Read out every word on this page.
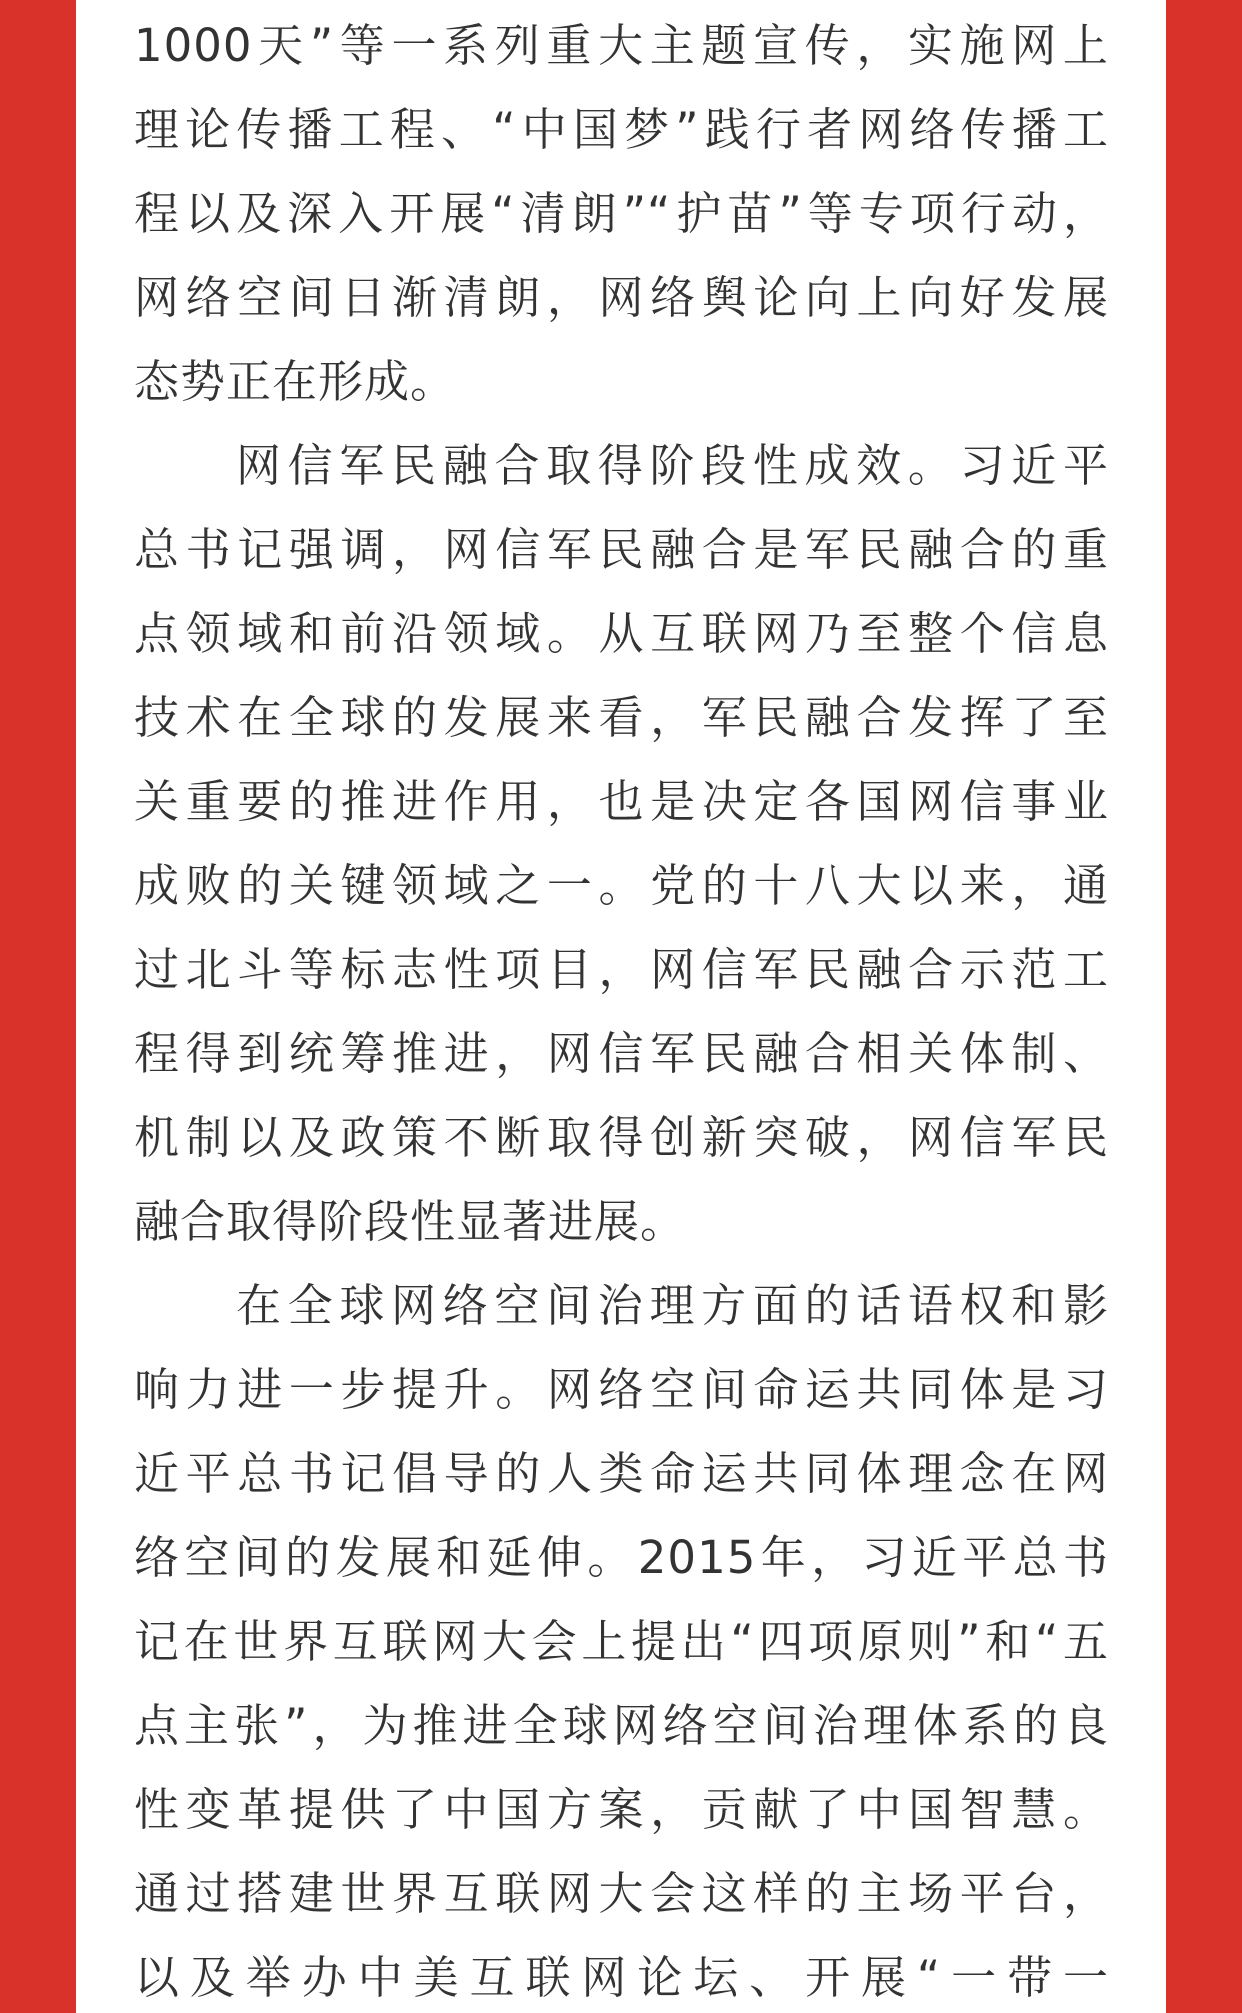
1000天”等一系列重大主题宣传，实施网上
理论传播工程、“中国梦”践行者网络传播工
程以及深入开展“清朗”“护苗”等专项行动，
网络空间日渐清朗，网络舆论向上向好发展
态势正在形成。
网信军民融合取得阶段性成效。习近平
总书记强调，网信军民融合是军民融合的重
点领域和前沿领域。从互联网乃至整个信息
技术在全球的发展来看，军民融合发挥了至
关重要的推进作用，也是决定各国网信事业
成败的关键领域之一。党的十八大以来，通
过北斗等标志性项目，网信军民融合示范工
程得到统筹推进，网信军民融合相关体制、
机制以及政策不断取得创新突破，网信军民
融合取得阶段性显著进展。
在全球网络空间治理方面的话语权和影
响力进一步提升。网络空间命运共同体是习
近平总书记倡导的人类命运共同体理念在网
络空间的发展和延伸。2015年，习近平总书
记在世界互联网大会上提出“四项原则”和“五
点主张”，为推进全球网络空间治理体系的良
性变革提供了中国方案，贡献了中国智慧。
通过搭建世界互联网大会这样的主场平台，
以及举办中美互联网论坛、开展“一带一
